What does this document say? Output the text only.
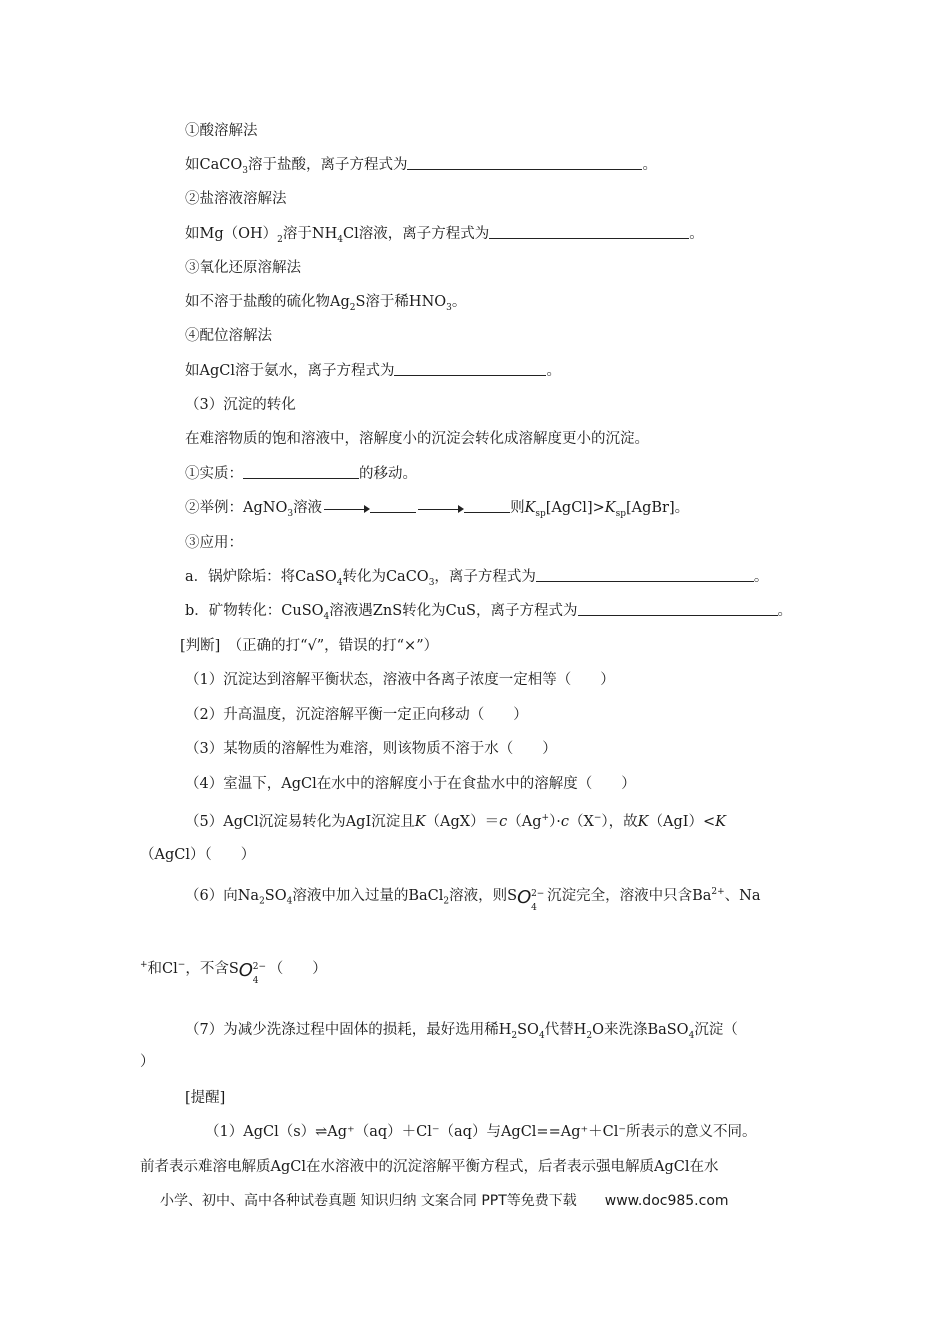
①酸溶解法
如CaCO$_3$溶于盐酸，离子方程式为	。
②盐溶液溶解法
如$Mg(OH)_2$溶于$NH_4Cl$溶液，离子方程式为	。
③氧化还原溶解法
如不溶于盐酸的硫化物$Ag_2S$溶于稀$HNO_3$。
④配位溶解法
如AgCl溶于氨水，离子方程式为	。
（3）沉淀的转化
在难溶物质的饱和溶液中，溶解度小的沉淀会转化成溶解度更小的沉淀。
①实质：	的移动。
②举例：AgNO$_3$溶液	则$K_{sp}[AgCl]>K_{sp}[AgBr]$。
③应用：
a．锅炉除垢：将CaSO$_4$转化为CaCO$_3$，离子方程式为	。
b．矿物转化：CuSO$_4$溶液遇ZnS转化为CuS，离子方程式为	。
[判断]　（正确的打“√”，错误的打“×”）
（1）沉淀达到溶解平衡状态，溶液中各离子浓度一定相等（　　）
（2）升高温度，沉淀溶解平衡一定正向移动（　　）
（3）某物质的溶解性为难溶，则该物质不溶于水（　　）
（4）室温下，AgCl在水中的溶解度小于在食盐水中的溶解度（　　）
（5）AgCl沉淀易转化为AgI沉淀且K（AgX）＝c（Ag+）·c（X−），故K（AgI）<K
（AgCl）（　　）
（6）向$Na_2SO_4$溶液中加入过量的BaCl$_2$溶液，则S O 2−
4
沉淀完全，溶液中只含$Ba^{2+}$、Na
+和Cl−，不含S O 2−
4
（　　）
（7）为减少洗涤过程中固体的损耗，最好选用稀$H_2SO_4$代替$H_2O$来洗涤BaSO$_4$沉淀（
）
[提醒]
（1）AgCl（s）⇌Ag⁺（aq）＋Cl⁻（aq）与AgCl==Ag⁺＋Cl⁻所表示的意义不同。
前者表示难溶电解质AgCl在水溶液中的沉淀溶解平衡方程式，后者表示强电解质AgCl在水
小学、初中、高中各种试卷真题 知识归纳 文案合同 PPT等免费下载　　www.doc985.com
